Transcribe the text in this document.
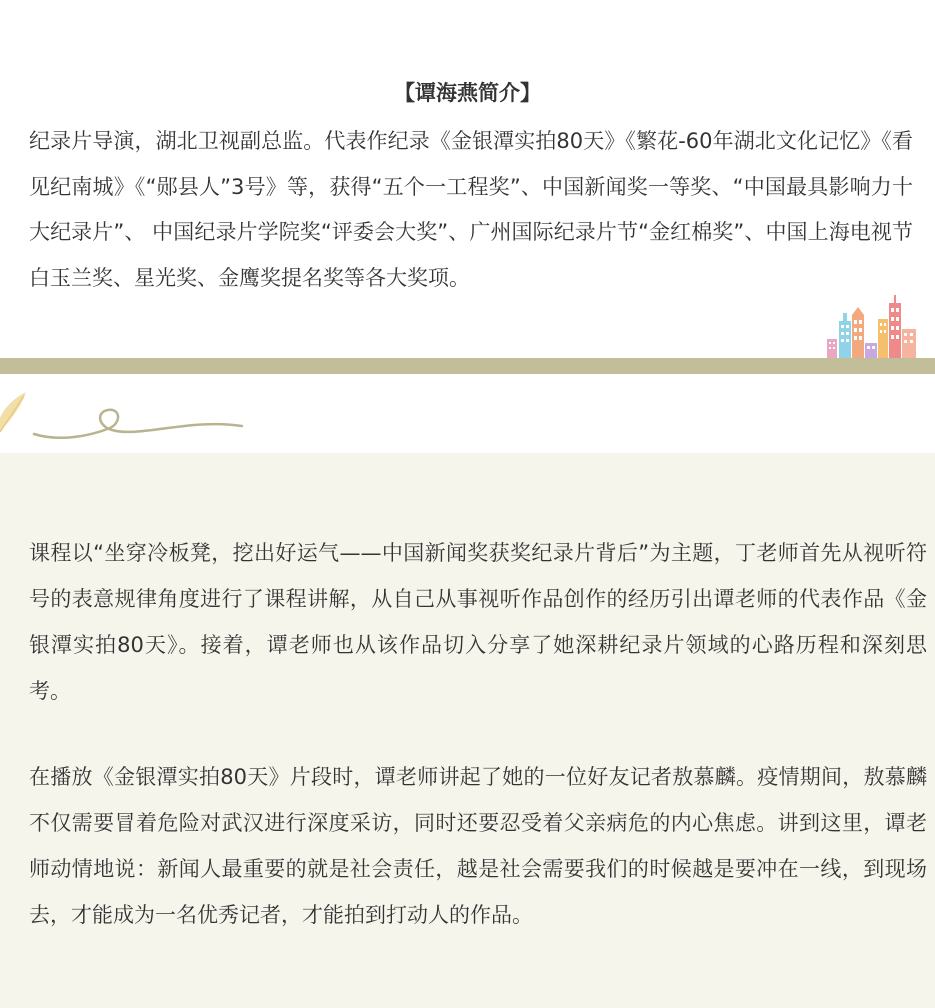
【谭海燕简介】

纪录片导演，湖北卫视副总监。代表作纪录《金银潭实拍80天》《繁花-60年湖北文化记忆》《看见纪南城》《“郧县人”3号》等，获得“五个一工程奖”、中国新闻奖一等奖、“中国最具影响力十大纪录片”、 中国纪录片学院奖“评委会大奖”、广州国际纪录片节“金红棉奖”、中国上海电视节白玉兰奖、星光奖、金鹰奖提名奖等各大奖项。

课程以“坐穿冷板凳，挖出好运气——中国新闻奖获奖纪录片背后”为主题，丁老师首先从视听符号的表意规律角度进行了课程讲解，从自己从事视听作品创作的经历引出谭老师的代表作品《金银潭实拍80天》。接着，谭老师也从该作品切入分享了她深耕纪录片领域的心路历程和深刻思考。

在播放《金银潭实拍80天》片段时，谭老师讲起了她的一位好友记者敖慕麟。疫情期间，敖慕麟不仅需要冒着危险对武汉进行深度采访，同时还要忍受着父亲病危的内心焦虑。讲到这里，谭老师动情地说：新闻人最重要的就是社会责任，越是社会需要我们的时候越是要冲在一线，到现场去，才能成为一名优秀记者，才能拍到打动人的作品。
